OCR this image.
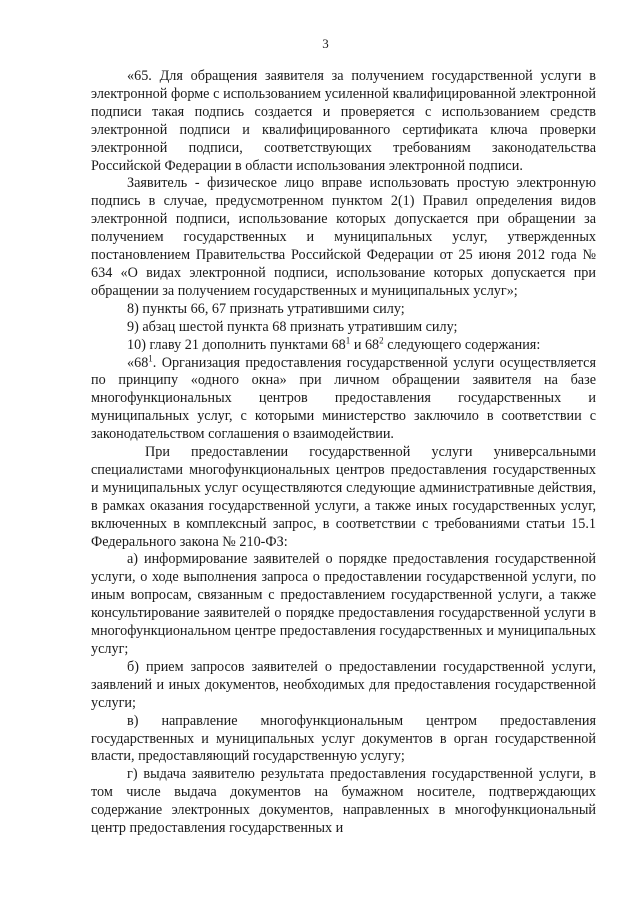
3

«65. Для обращения заявителя за получением государственной услуги в электронной форме с использованием усиленной квалифицированной электронной подписи такая подпись создается и проверяется с использованием средств электронной подписи и квалифицированного сертификата ключа проверки электронной подписи, соответствующих требованиям законодательства Российской Федерации в области использования электронной подписи.

Заявитель - физическое лицо вправе использовать простую электронную подпись в случае, предусмотренном пунктом 2(1) Правил определения видов электронной подписи, использование которых допускается при обращении за получением государственных и муниципальных услуг, утвержденных постановлением Правительства Российской Федерации от 25 июня 2012 года № 634 «О видах электронной подписи, использование которых допускается при обращении за получением государственных и муниципальных услуг»;

8) пункты 66, 67 признать утратившими силу;

9) абзац шестой пункта 68 признать утратившим силу;

10) главу 21 дополнить пунктами $68^1$ и $68^2$ следующего содержания:

«$68^1$. Организация предоставления государственной услуги осуществляется по принципу «одного окна» при личном обращении заявителя на базе многофункциональных центров предоставления государственных и муниципальных услуг, с которыми министерство заключило в соответствии с законодательством соглашения о взаимодействии.

При предоставлении государственной услуги универсальными специалистами многофункциональных центров предоставления государственных и муниципальных услуг осуществляются следующие административные действия, в рамках оказания государственной услуги, а также иных государственных услуг, включенных в комплексный запрос, в соответствии с требованиями статьи 15.1 Федерального закона № 210-ФЗ:

а) информирование заявителей о порядке предоставления государственной услуги, о ходе выполнения запроса о предоставлении государственной услуги, по иным вопросам, связанным с предоставлением государственной услуги, а также консультирование заявителей о порядке предоставления государственной услуги в многофункциональном центре предоставления государственных и муниципальных услуг;

б) прием запросов заявителей о предоставлении государственной услуги, заявлений и иных документов, необходимых для предоставления государственной услуги;

в) направление многофункциональным центром предоставления государственных и муниципальных услуг документов в орган государственной власти, предоставляющий государственную услугу;

г) выдача заявителю результата предоставления государственной услуги, в том числе выдача документов на бумажном носителе, подтверждающих содержание электронных документов, направленных в многофункциональный центр предоставления государственных и
